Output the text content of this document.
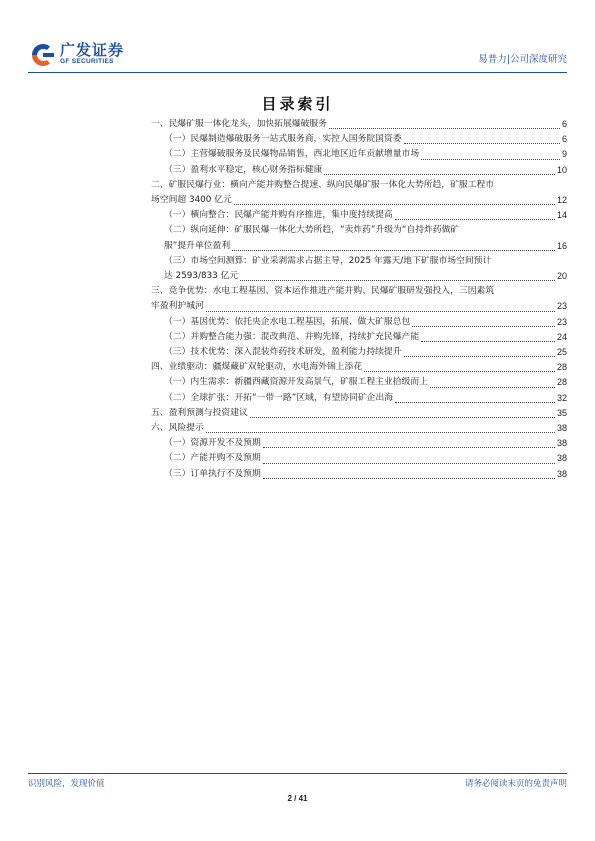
广发证券
GF SECURITIES	易普力|公司深度研究
目录索引
一、民爆矿服一体化龙头，加快拓展爆破服务	6
（一）民爆制造爆破服务一站式服务商，实控人国务院国资委	6
（二）主营爆破服务及民爆物品销售，西北地区近年贡献增量市场	9
（三）盈利水平稳定，核心财务指标健康	10
二、矿服民爆行业：横向产能并购整合提速、纵向民爆矿服一体化大势所趋，矿服工程市
场空间超 3400 亿元	12
（一）横向整合：民爆产能并购有序推进，集中度持续提高	14
（二）纵向延伸：矿服民爆一体化大势所趋，“卖炸药”升级为“自持炸药做矿
服”提升单位盈利	16
（三）市场空间测算：矿业采剥需求占据主导，2025 年露天/地下矿服市场空间预计
达 2593/833 亿元	20
三、竞争优势：水电工程基因、资本运作推进产能并购、民爆矿服研发强投入，三因素筑
牢盈利护城河	23
（一）基因优势：依托央企水电工程基因，拓展、做大矿服总包	23
（二）并购整合能力强：混改典范、并购先锋，持续扩充民爆产能	24
（三）技术优势：深入混装炸药技术研发，盈利能力持续提升	25
四、业绩驱动：疆煤藏矿双轮驱动，水电海外锦上添花	28
（一）内生需求：新疆西藏资源开发高景气，矿服工程主业拾级而上	28
（二）全球扩张：开拓“一带一路”区域，有望协同矿企出海	32
五、盈利预测与投资建议	35
六、风险提示	38
（一）资源开发不及预期	38
（二）产能并购不及预期	38
（三）订单执行不及预期	38
识别风险，发现价值	请务必阅读末页的免责声明
2 / 41
